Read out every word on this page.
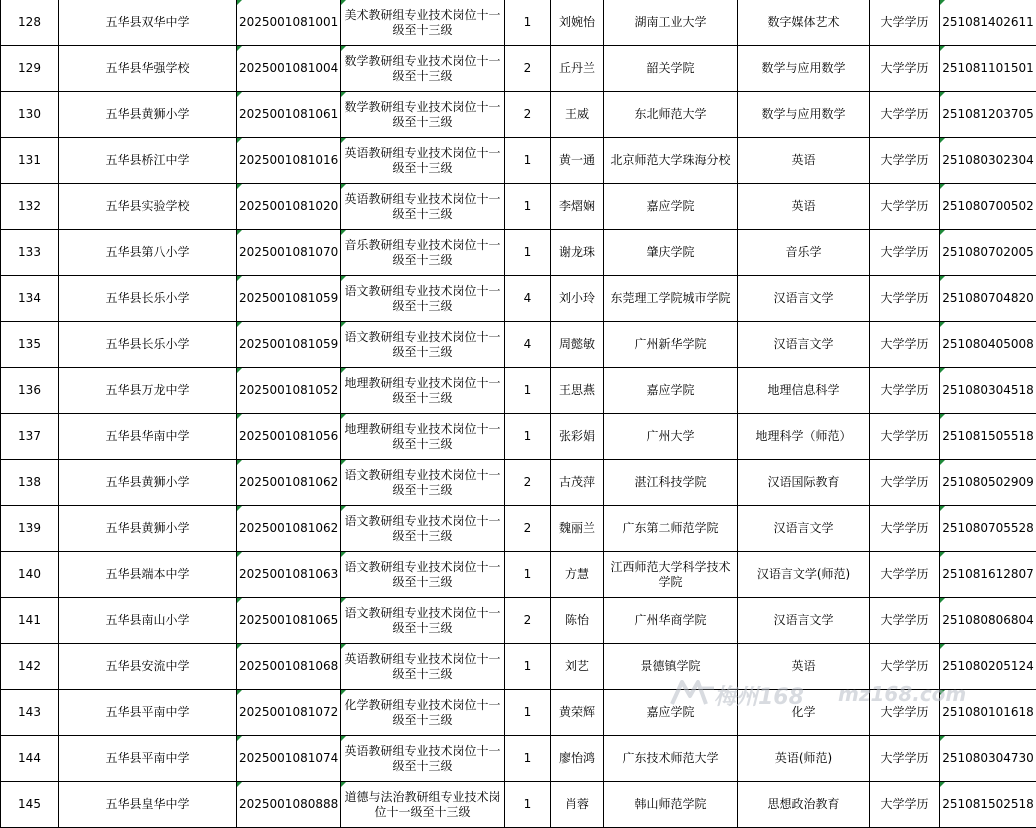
128	五华县双华中学	2025001081001	美术教研组专业技术岗位十一级至十三级	1	刘婉怡	湖南工业大学	数字媒体艺术	大学学历	251081402611
129	五华县华强学校	2025001081004	数学教研组专业技术岗位十一级至十三级	2	丘丹兰	韶关学院	数学与应用数学	大学学历	251081101501
130	五华县黄狮小学	2025001081061	数学教研组专业技术岗位十一级至十三级	2	王威	东北师范大学	数学与应用数学	大学学历	251081203705
131	五华县桥江中学	2025001081016	英语教研组专业技术岗位十一级至十三级	1	黄一通	北京师范大学珠海分校	英语	大学学历	251080302304
132	五华县实验学校	2025001081020	英语教研组专业技术岗位十一级至十三级	1	李熠娴	嘉应学院	英语	大学学历	251080700502
133	五华县第八小学	2025001081070	音乐教研组专业技术岗位十一级至十三级	1	谢龙珠	肇庆学院	音乐学	大学学历	251080702005
134	五华县长乐小学	2025001081059	语文教研组专业技术岗位十一级至十三级	4	刘小玲	东莞理工学院城市学院	汉语言文学	大学学历	251080704820
135	五华县长乐小学	2025001081059	语文教研组专业技术岗位十一级至十三级	4	周懿敏	广州新华学院	汉语言文学	大学学历	251080405008
136	五华县万龙中学	2025001081052	地理教研组专业技术岗位十一级至十三级	1	王思燕	嘉应学院	地理信息科学	大学学历	251080304518
137	五华县华南中学	2025001081056	地理教研组专业技术岗位十一级至十三级	1	张彩娟	广州大学	地理科学（师范）	大学学历	251081505518
138	五华县黄狮小学	2025001081062	语文教研组专业技术岗位十一级至十三级	2	古茂萍	湛江科技学院	汉语国际教育	大学学历	251080502909
139	五华县黄狮小学	2025001081062	语文教研组专业技术岗位十一级至十三级	2	魏丽兰	广东第二师范学院	汉语言文学	大学学历	251080705528
140	五华县端本中学	2025001081063	语文教研组专业技术岗位十一级至十三级	1	方慧	江西师范大学科学技术学院	汉语言文学(师范)	大学学历	251081612807
141	五华县南山小学	2025001081065	语文教研组专业技术岗位十一级至十三级	2	陈怡	广州华商学院	汉语言文学	大学学历	251080806804
142	五华县安流中学	2025001081068	英语教研组专业技术岗位十一级至十三级	1	刘艺	景德镇学院	英语	大学学历	251080205124
143	五华县平南中学	2025001081072	化学教研组专业技术岗位十一级至十三级	1	黄荣辉	嘉应学院	化学	大学学历	251080101618
144	五华县平南中学	2025001081074	英语教研组专业技术岗位十一级至十三级	1	廖怡鸿	广东技术师范大学	英语(师范)	大学学历	251080304730
145	五华县皇华中学	2025001080888	道德与法治教研组专业技术岗位十一级至十三级	1	肖蓉	韩山师范学院	思想政治教育	大学学历	251081502518
梅州168 mz168.com
